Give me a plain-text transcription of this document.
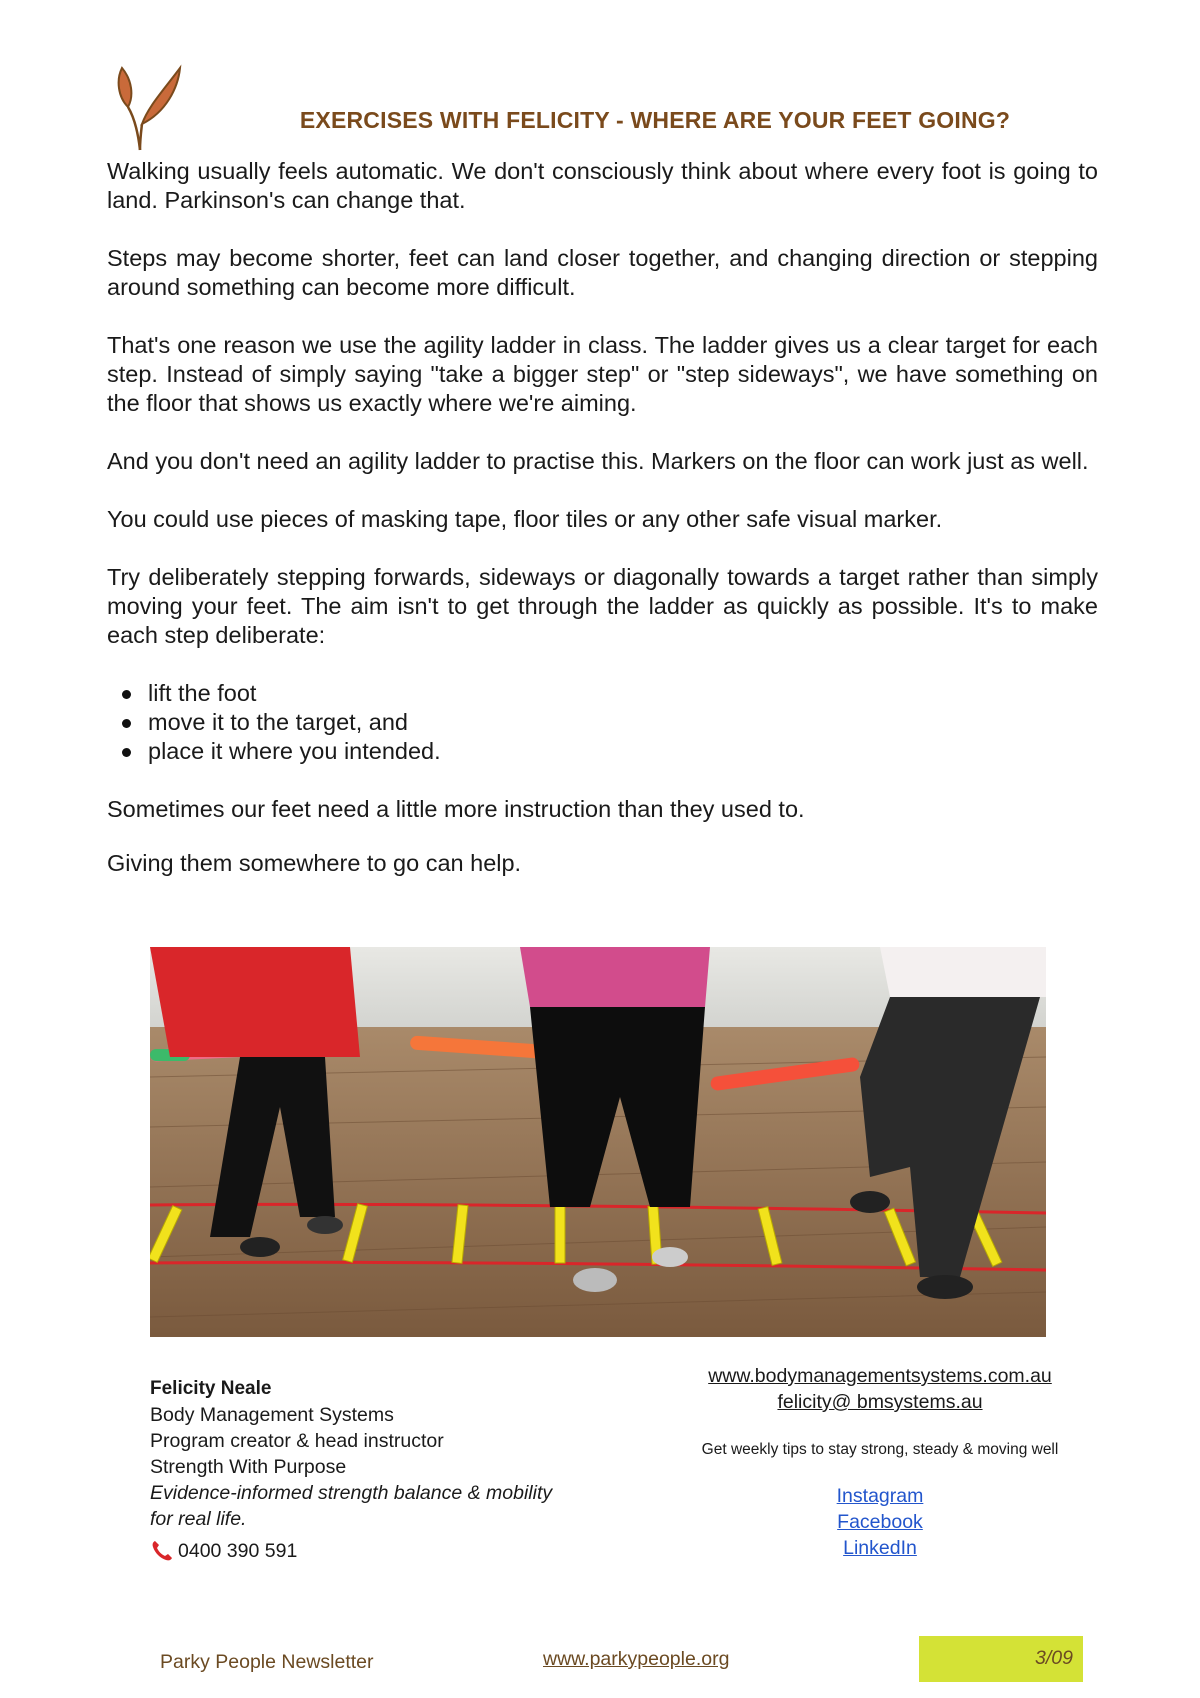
EXERCISES WITH FELICITY - WHERE ARE YOUR FEET GOING?

Walking usually feels automatic. We don't consciously think about where every foot is going to land. Parkinson's can change that.

Steps may become shorter, feet can land closer together, and changing direction or stepping around something can become more difficult.

That's one reason we use the agility ladder in class. The ladder gives us a clear target for each step. Instead of simply saying "take a bigger step" or "step sideways", we have something on the floor that shows us exactly where we're aiming.

And you don't need an agility ladder to practise this. Markers on the floor can work just as well.

You could use pieces of masking tape, floor tiles or any other safe visual marker.

Try deliberately stepping forwards, sideways or diagonally towards a target rather than simply moving your feet. The aim isn't to get through the ladder as quickly as possible. It's to make each step deliberate:

lift the foot
move it to the target, and
place it where you intended.

Sometimes our feet need a little more instruction than they used to.

Giving them somewhere to go can help.

Felicity Neale
Body Management Systems
Program creator & head instructor
Strength With Purpose
Evidence-informed strength balance & mobility
for real life.
0400 390 591
www.bodymanagementsystems.com.au
felicity@ bmsystems.au
Get weekly tips to stay strong, steady & moving well
Instagram
Facebook
LinkedIn
Parky People Newsletter	www.parkypeople.org	3/09
